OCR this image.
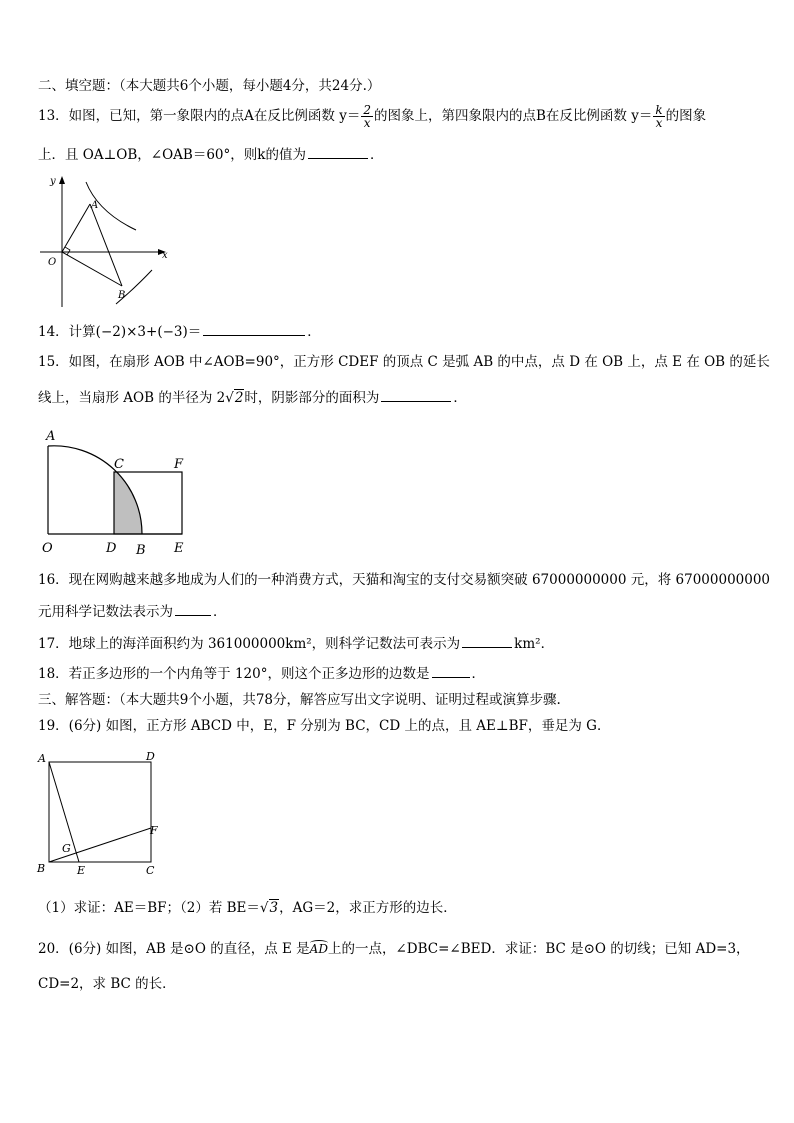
二、填空题：（本大题共6个小题，每小题4分，共24分.）
13．如图，已知，第一象限内的点A在反比例函数 $y= \frac{2}{x}$ 的图象上，第四象限内的点B在反比例函数 $y= \frac{k}{x}$ 的图象
上．且 OA⊥OB，∠OAB＝60°，则k的值为	．
y
x
O
A
B
14．计算(−2)×3+(−3)＝	．
15．如图，在扇形 AOB 中∠AOB=90°，正方形 CDEF 的顶点 C 是弧 AB 的中点，点 D 在 OB 上，点 E 在 OB 的延长
线上，当扇形 AOB 的半径为 2√2时，阴影部分的面积为	．
A
C	F
O	D B E
16．现在网购越来越多地成为人们的一种消费方式，天猫和淘宝的支付交易额突破 67000000000 元，将 67000000000
元用科学记数法表示为	．
17．地球上的海洋面积约为 361000000km²，则科学记数法可表示为	km²．
18．若正多边形的一个内角等于 120°，则这个正多边形的边数是	．
三、解答题：（本大题共9个小题，共78分，解答应写出文字说明、证明过程或演算步骤.
19．(6分) 如图，正方形 ABCD 中，E，F 分别为 BC，CD 上的点，且 AE⊥BF，垂足为 G．
A	D
F
G
B	E	C
（1）求证：AE＝BF；（2）若 BE＝√3，AG＝2，求正方形的边长．
20．(6分) 如图，AB 是⊙O 的直径，点 E 是AD上的一点，∠DBC=∠BED．求证：BC 是⊙O 的切线；已知 AD=3，
CD=2，求 BC 的长．
